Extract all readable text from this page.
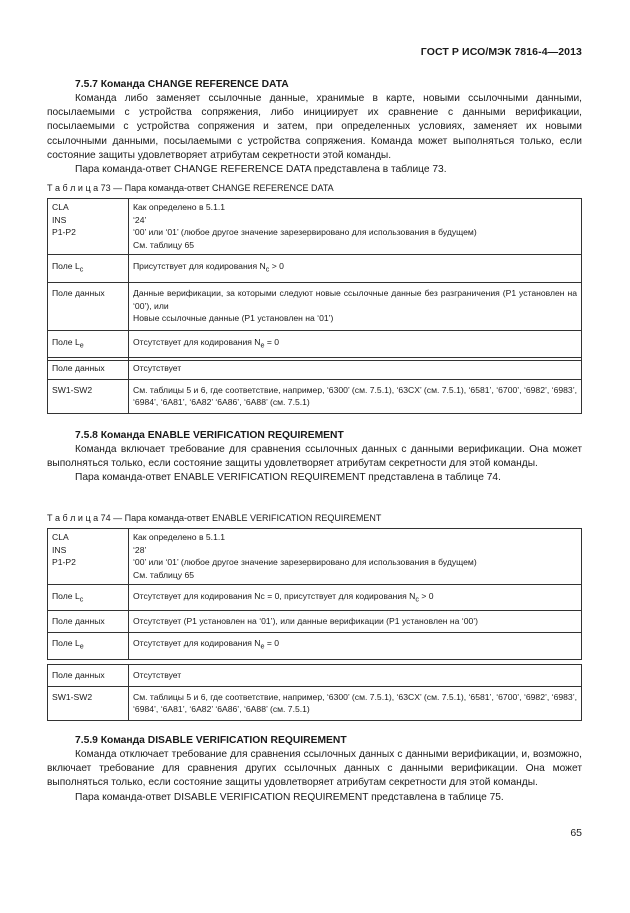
ГОСТ Р ИСО/МЭК 7816-4—2013

7.5.7 Команда CHANGE REFERENCE DATA

Команда либо заменяет ссылочные данные, хранимые в карте, новыми ссылочными данными, посылаемыми с устройства сопряжения, либо инициирует их сравнение с данными верификации, посылаемыми с устройства сопряжения и затем, при определенных условиях, заменяет их новыми ссылочными данными, посылаемыми с устройства сопряжения. Команда может выполняться только, если состояние защиты удовлетворяет атрибутам секретности этой команды.

Пара команда-ответ CHANGE REFERENCE DATA представлена в таблице 73.

Т а б л и ц а 73 — Пара команда-ответ CHANGE REFERENCE DATA

CLA
INS
P1-P2	Как определено в 5.1.1
‘24’
‘00’ или ‘01’ (любое другое значение зарезервировано для использования в будущем)
См. таблицу 65

Поле $L_c$	Присутствует для кодирования $N_c > 0$
Поле данных	Данные верификации, за которыми следуют новые ссылочные данные без разграничения (P1 установлен на ‘00’), или
Новые ссылочные данные (P1 установлен на ‘01’)

Поле $L_e$	Отсутствует для кодирования $N_e = 0$
Поле данных	Отсутствует
SW1-SW2	См. таблицы 5 и 6, где соответствие, например, ‘6300’ (см. 7.5.1), ‘63CX’ (см. 7.5.1), ‘6581’, ‘6700’, ‘6982’, ‘6983’, ‘6984’, ‘6A81’, ‘6A82’ ‘6A86’, ‘6A88’ (см. 7.5.1)

7.5.8 Команда ENABLE VERIFICATION REQUIREMENT

Команда включает требование для сравнения ссылочных данных с данными верификации. Она может выполняться только, если состояние защиты удовлетворяет атрибутам секретности для этой команды.

Пара команда-ответ ENABLE VERIFICATION REQUIREMENT представлена в таблице 74.

Т а б л и ц а 74 — Пара команда-ответ ENABLE VERIFICATION REQUIREMENT

CLA
INS
P1-P2	Как определено в 5.1.1
‘28’
‘00’ или ‘01’ (любое другое значение зарезервировано для использования в будущем)
См. таблицу 65

Поле $L_c$	Отсутствует для кодирования Nc = 0, присутствует для кодирования $N_c > 0$
Поле данных	Отсутствует (P1 установлен на ‘01’), или данные верификации (P1 установлен на ‘00’)
Поле $L_e$	Отсутствует для кодирования $N_e = 0$
Поле данных	Отсутствует
SW1-SW2	См. таблицы 5 и 6, где соответствие, например, ‘6300’ (см. 7.5.1), ‘63CX’ (см. 7.5.1), ‘6581’, ‘6700’, ‘6982’, ‘6983’, ‘6984’, ‘6A81’, ‘6A82’ ‘6A86’, ‘6A88’ (см. 7.5.1)

7.5.9 Команда DISABLE VERIFICATION REQUIREMENT

Команда отключает требование для сравнения ссылочных данных с данными верификации, и, возможно, включает требование для сравнения других ссылочных данных с данными верификации. Она может выполняться только, если состояние защиты удовлетворяет атрибутам секретности для этой команды.

Пара команда-ответ DISABLE VERIFICATION REQUIREMENT представлена в таблице 75.

65
